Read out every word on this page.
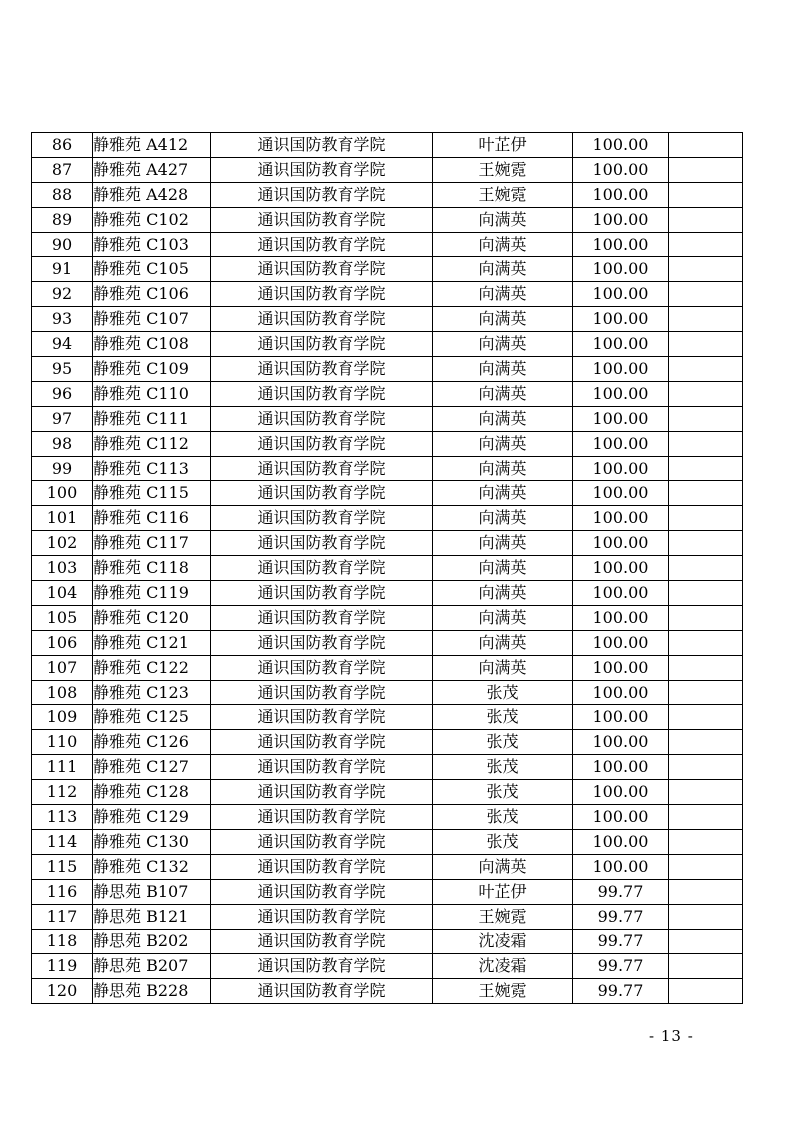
86	静雅苑 A412	通识国防教育学院	叶芷伊	100.00	
87	静雅苑 A427	通识国防教育学院	王婉霓	100.00	
88	静雅苑 A428	通识国防教育学院	王婉霓	100.00	
89	静雅苑 C102	通识国防教育学院	向满英	100.00	
90	静雅苑 C103	通识国防教育学院	向满英	100.00	
91	静雅苑 C105	通识国防教育学院	向满英	100.00	
92	静雅苑 C106	通识国防教育学院	向满英	100.00	
93	静雅苑 C107	通识国防教育学院	向满英	100.00	
94	静雅苑 C108	通识国防教育学院	向满英	100.00	
95	静雅苑 C109	通识国防教育学院	向满英	100.00	
96	静雅苑 C110	通识国防教育学院	向满英	100.00	
97	静雅苑 C111	通识国防教育学院	向满英	100.00	
98	静雅苑 C112	通识国防教育学院	向满英	100.00	
99	静雅苑 C113	通识国防教育学院	向满英	100.00	
100	静雅苑 C115	通识国防教育学院	向满英	100.00	
101	静雅苑 C116	通识国防教育学院	向满英	100.00	
102	静雅苑 C117	通识国防教育学院	向满英	100.00	
103	静雅苑 C118	通识国防教育学院	向满英	100.00	
104	静雅苑 C119	通识国防教育学院	向满英	100.00	
105	静雅苑 C120	通识国防教育学院	向满英	100.00	
106	静雅苑 C121	通识国防教育学院	向满英	100.00	
107	静雅苑 C122	通识国防教育学院	向满英	100.00	
108	静雅苑 C123	通识国防教育学院	张茂	100.00	
109	静雅苑 C125	通识国防教育学院	张茂	100.00	
110	静雅苑 C126	通识国防教育学院	张茂	100.00	
111	静雅苑 C127	通识国防教育学院	张茂	100.00	
112	静雅苑 C128	通识国防教育学院	张茂	100.00	
113	静雅苑 C129	通识国防教育学院	张茂	100.00	
114	静雅苑 C130	通识国防教育学院	张茂	100.00	
115	静雅苑 C132	通识国防教育学院	向满英	100.00	
116	静思苑 B107	通识国防教育学院	叶芷伊	99.77	
117	静思苑 B121	通识国防教育学院	王婉霓	99.77	
118	静思苑 B202	通识国防教育学院	沈凌霜	99.77	
119	静思苑 B207	通识国防教育学院	沈凌霜	99.77	
120	静思苑 B228	通识国防教育学院	王婉霓	99.77	
- 13 -
